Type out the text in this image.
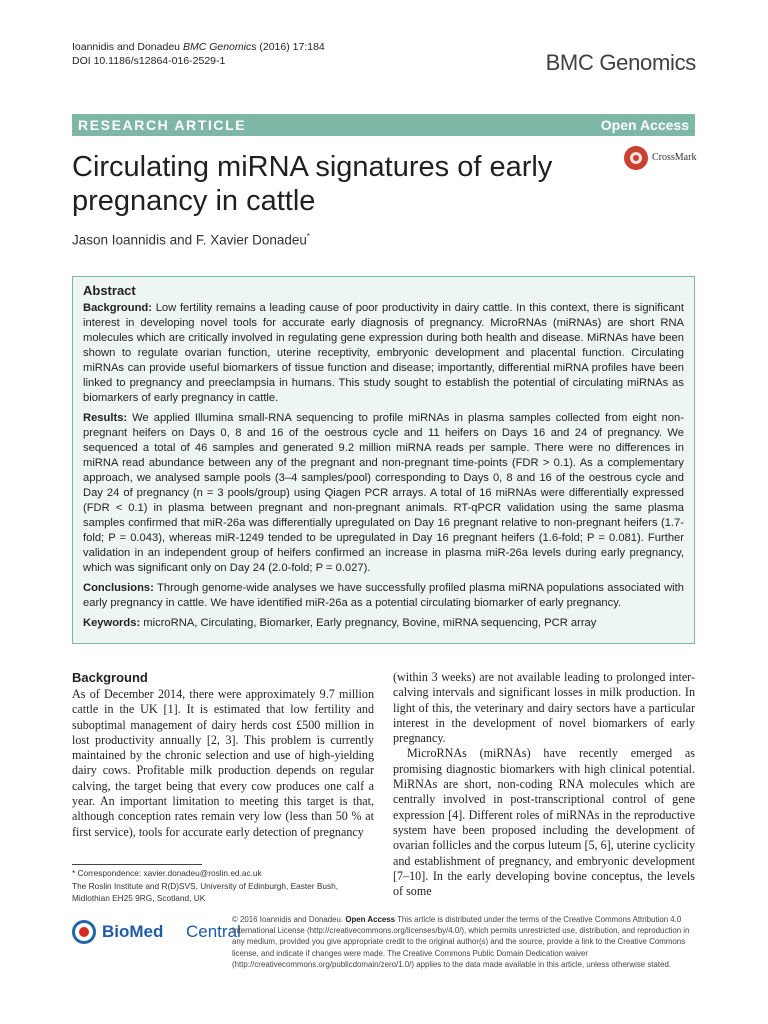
Ioannidis and Donadeu BMC Genomics (2016) 17:184
DOI 10.1186/s12864-016-2529-1	BMC Genomics
RESEARCH ARTICLE	Open Access
Circulating miRNA signatures of early pregnancy in cattle
CrossMark
Jason Ioannidis and F. Xavier Donadeu*
Abstract

Background: Low fertility remains a leading cause of poor productivity in dairy cattle. In this context, there is significant interest in developing novel tools for accurate early diagnosis of pregnancy. MicroRNAs (miRNAs) are short RNA molecules which are critically involved in regulating gene expression during both health and disease. MiRNAs have been shown to regulate ovarian function, uterine receptivity, embryonic development and placental function. Circulating miRNAs can provide useful biomarkers of tissue function and disease; importantly, differential miRNA profiles have been linked to pregnancy and preeclampsia in humans. This study sought to establish the potential of circulating miRNAs as biomarkers of early pregnancy in cattle.

Results: We applied Illumina small-RNA sequencing to profile miRNAs in plasma samples collected from eight non-pregnant heifers on Days 0, 8 and 16 of the oestrous cycle and 11 heifers on Days 16 and 24 of pregnancy. We sequenced a total of 46 samples and generated 9.2 million miRNA reads per sample. There were no differences in miRNA read abundance between any of the pregnant and non-pregnant time-points (FDR > 0.1). As a complementary approach, we analysed sample pools (3–4 samples/pool) corresponding to Days 0, 8 and 16 of the oestrous cycle and Day 24 of pregnancy (n = 3 pools/group) using Qiagen PCR arrays. A total of 16 miRNAs were differentially expressed (FDR < 0.1) in plasma between pregnant and non-pregnant animals. RT-qPCR validation using the same plasma samples confirmed that miR-26a was differentially upregulated on Day 16 pregnant relative to non-pregnant heifers (1.7-fold; P = 0.043), whereas miR-1249 tended to be upregulated in Day 16 pregnant heifers (1.6-fold; P = 0.081). Further validation in an independent group of heifers confirmed an increase in plasma miR-26a levels during early pregnancy, which was significant only on Day 24 (2.0-fold; P = 0.027).

Conclusions: Through genome-wide analyses we have successfully profiled plasma miRNA populations associated with early pregnancy in cattle. We have identified miR-26a as a potential circulating biomarker of early pregnancy.

Keywords: microRNA, Circulating, Biomarker, Early pregnancy, Bovine, miRNA sequencing, PCR array

Background

As of December 2014, there were approximately 9.7 million cattle in the UK [1]. It is estimated that low fertility and suboptimal management of dairy herds cost £500 million in lost productivity annually [2, 3]. This problem is currently maintained by the chronic selection and use of high-yielding dairy cows. Profitable milk production depends on regular calving, the target being that every cow produces one calf a year. An important limitation to meeting this target is that, although conception rates remain very low (less than 50 % at first service), tools for accurate early detection of pregnancy

(within 3 weeks) are not available leading to prolonged inter-calving intervals and significant losses in milk production. In light of this, the veterinary and dairy sectors have a particular interest in the development of novel biomarkers of early pregnancy.

MicroRNAs (miRNAs) have recently emerged as promising diagnostic biomarkers with high clinical potential. MiRNAs are short, non-coding RNA molecules which are centrally involved in post-transcriptional control of gene expression [4]. Different roles of miRNAs in the reproductive system have been proposed including the development of ovarian follicles and the corpus luteum [5, 6], uterine cyclicity and establishment of pregnancy, and embryonic development [7–10]. In the early developing bovine conceptus, the levels of some

* Correspondence: xavier.donadeu@roslin.ed.ac.uk
The Roslin Institute and R(D)SVS, University of Edinburgh, Easter Bush, Midlothian EH25 9RG, Scotland, UK
BioMed Central
© 2016 Ioannidis and Donadeu. Open Access This article is distributed under the terms of the Creative Commons Attribution 4.0 International License (http://creativecommons.org/licenses/by/4.0/), which permits unrestricted use, distribution, and reproduction in any medium, provided you give appropriate credit to the original author(s) and the source, provide a link to the Creative Commons license, and indicate if changes were made. The Creative Commons Public Domain Dedication waiver (http://creativecommons.org/publicdomain/zero/1.0/) applies to the data made available in this article, unless otherwise stated.
